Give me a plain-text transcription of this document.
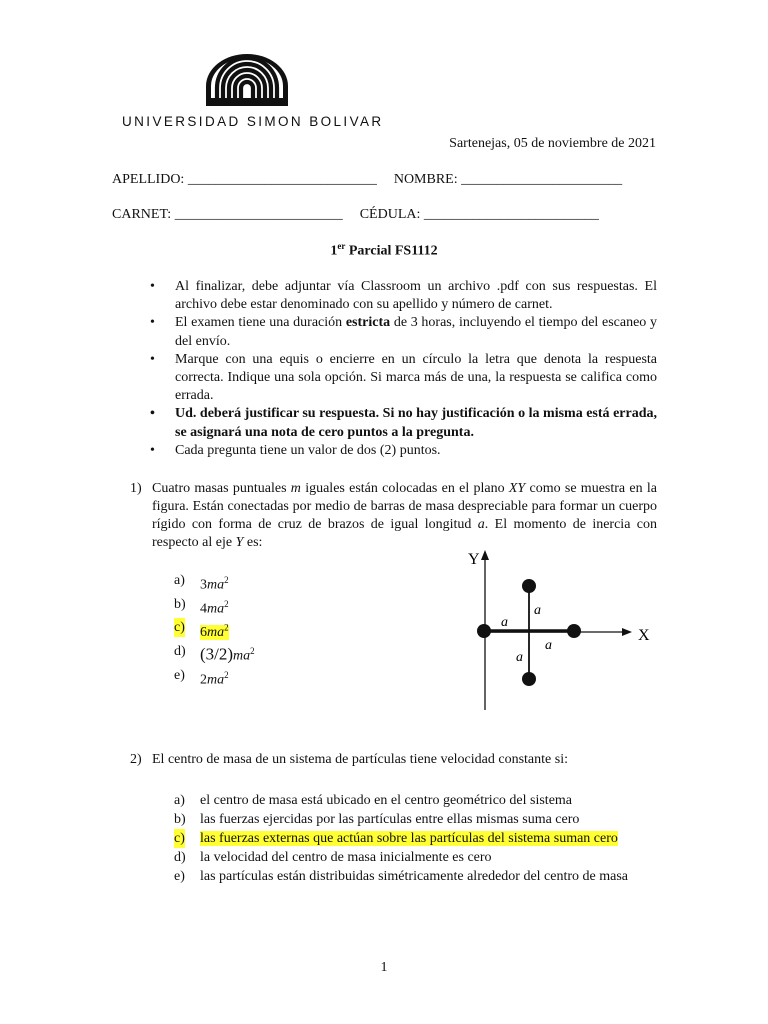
UNIVERSIDAD SIMON BOLIVAR
Sartenejas, 05 de noviembre de 2021
APELLIDO: ___________________________ NOMBRE: _______________________
CARNET: ________________________ CÉDULA: _________________________
1er Parcial FS1112
• Al finalizar, debe adjuntar vía Classroom un archivo .pdf con sus respuestas. El archivo debe estar denominado con su apellido y número de carnet.
• El examen tiene una duración estricta de 3 horas, incluyendo el tiempo del escaneo y del envío.
• Marque con una equis o encierre en un círculo la letra que denota la respuesta correcta. Indique una sola opción. Si marca más de una, la respuesta se califica como errada.
• Ud. deberá justificar su respuesta. Si no hay justificación o la misma está errada, se asignará una nota de cero puntos a la pregunta.
• Cada pregunta tiene un valor de dos (2) puntos.
1) Cuatro masas puntuales m iguales están colocadas en el plano XY como se muestra en la figura. Están conectadas por medio de barras de masa despreciable para formar un cuerpo rígido con forma de cruz de brazos de igual longitud a. El momento de inercia con respecto al eje Y es:
a) $3ma^2$
b) $4ma^2$
c) $6ma^2$
d) $(3/2)ma^2$
e) $2ma^2$
Y
X
a
a
a
a
2) El centro de masa de un sistema de partículas tiene velocidad constante si:
a) el centro de masa está ubicado en el centro geométrico del sistema
b) las fuerzas ejercidas por las partículas entre ellas mismas suma cero
c) las fuerzas externas que actúan sobre las partículas del sistema suman cero
d) la velocidad del centro de masa inicialmente es cero
e) las partículas están distribuidas simétricamente alrededor del centro de masa
1
